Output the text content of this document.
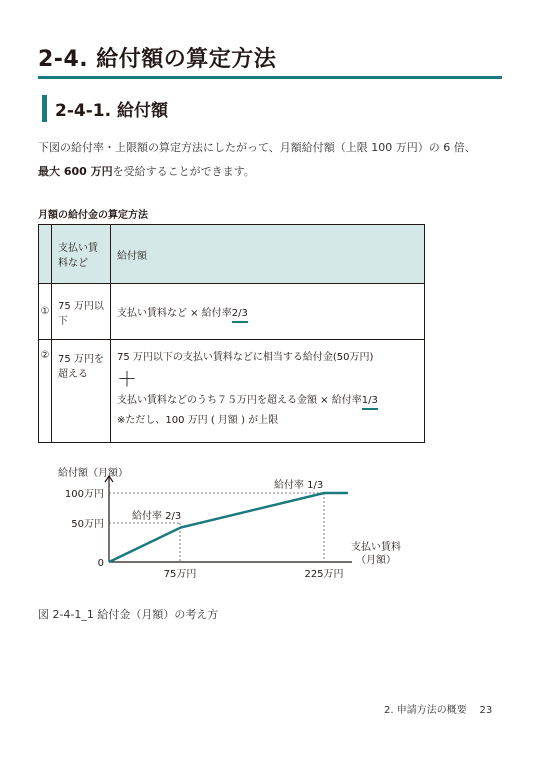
2-4. 給付額の算定方法
2-4-1. 給付額
下図の給付率・上限額の算定方法にしたがって、月額給付額（上限 100 万円）の 6 倍、
最大 600 万円を受給することができます。
月額の給付金の算定方法
	支払い賃料など	給付額
①	75 万円以下	支払い賃料など × 給付率2/3
②	75 万円を超える	75 万円以下の支払い賃料などに相当する給付金(50万円)
＋
支払い賃料などのうち７５万円を超える金額 × 給付率1/3
※ただし、100 万円 ( 月額 ) が上限
給付額（月額）
0
50万円
100万円
75万円	225万円
給付率 2/3
給付率 1/3
支払い賃料
（月額）
図 2-4-1_1 給付金（月額）の考え方
2. 申請方法の概要 23
